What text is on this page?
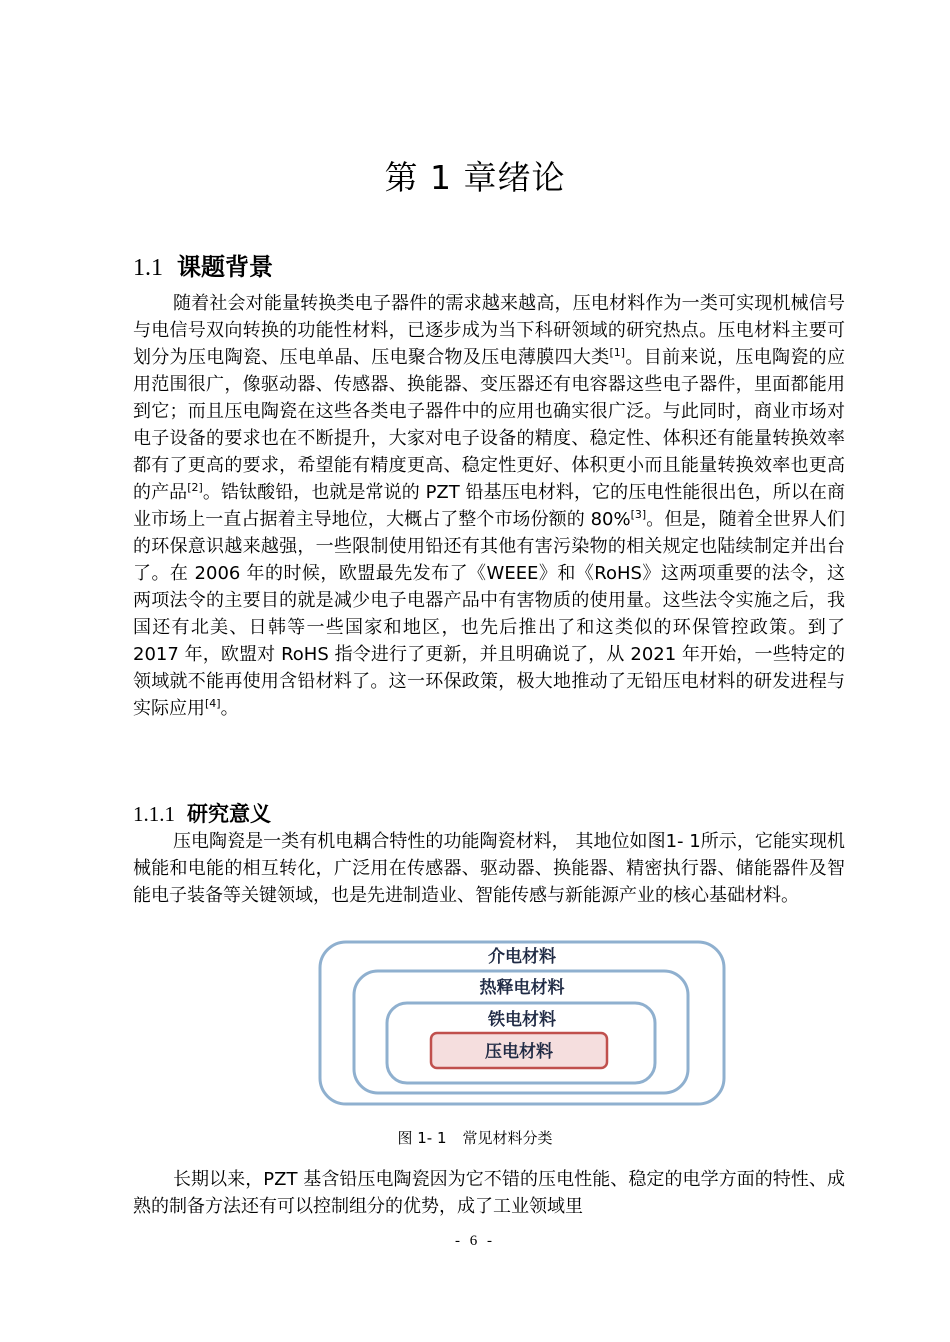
第 1 章绪论
1.1 课题背景

随着社会对能量转换类电子器件的需求越来越高，压电材料作为一类可实现机械信号与电信号双向转换的功能性材料，已逐步成为当下科研领域的研究热点。压电材料主要可划分为压电陶瓷、压电单晶、压电聚合物及压电薄膜四大类[1]。目前来说，压电陶瓷的应用范围很广，像驱动器、传感器、换能器、变压器还有电容器这些电子器件，里面都能用到它；而且压电陶瓷在这些各类电子器件中的应用也确实很广泛。与此同时，商业市场对电子设备的要求也在不断提升，大家对电子设备的精度、稳定性、体积还有能量转换效率都有了更高的要求，希望能有精度更高、稳定性更好、体积更小而且能量转换效率也更高的产品[2]。锆钛酸铅，也就是常说的 PZT 铅基压电材料，它的压电性能很出色，所以在商业市场上一直占据着主导地位，大概占了整个市场份额的 80%[3]。但是，随着全世界人们的环保意识越来越强，一些限制使用铅还有其他有害污染物的相关规定也陆续制定并出台了。在 2006 年的时候，欧盟最先发布了《WEEE》和《RoHS》这两项重要的法令，这两项法令的主要目的就是减少电子电器产品中有害物质的使用量。这些法令实施之后，我国还有北美、日韩等一些国家和地区，也先后推出了和这类似的环保管控政策。到了 2017 年，欧盟对 RoHS 指令进行了更新，并且明确说了，从 2021 年开始，一些特定的领域就不能再使用含铅材料了。这一环保政策，极大地推动了无铅压电材料的研发进程与实际应用[4]。

1.1.1 研究意义

压电陶瓷是一类有机电耦合特性的功能陶瓷材料， 其地位如图1- 1所示，它能实现机械能和电能的相互转化，广泛用在传感器、驱动器、换能器、精密执行器、储能器件及智能电子装备等关键领域，也是先进制造业、智能传感与新能源产业的核心基础材料。

介电材料
热释电材料
铁电材料
压电材料
图 1- 1 常见材料分类

长期以来，PZT 基含铅压电陶瓷因为它不错的压电性能、稳定的电学方面的特性、成熟的制备方法还有可以控制组分的优势，成了工业领域里

- 6 -
